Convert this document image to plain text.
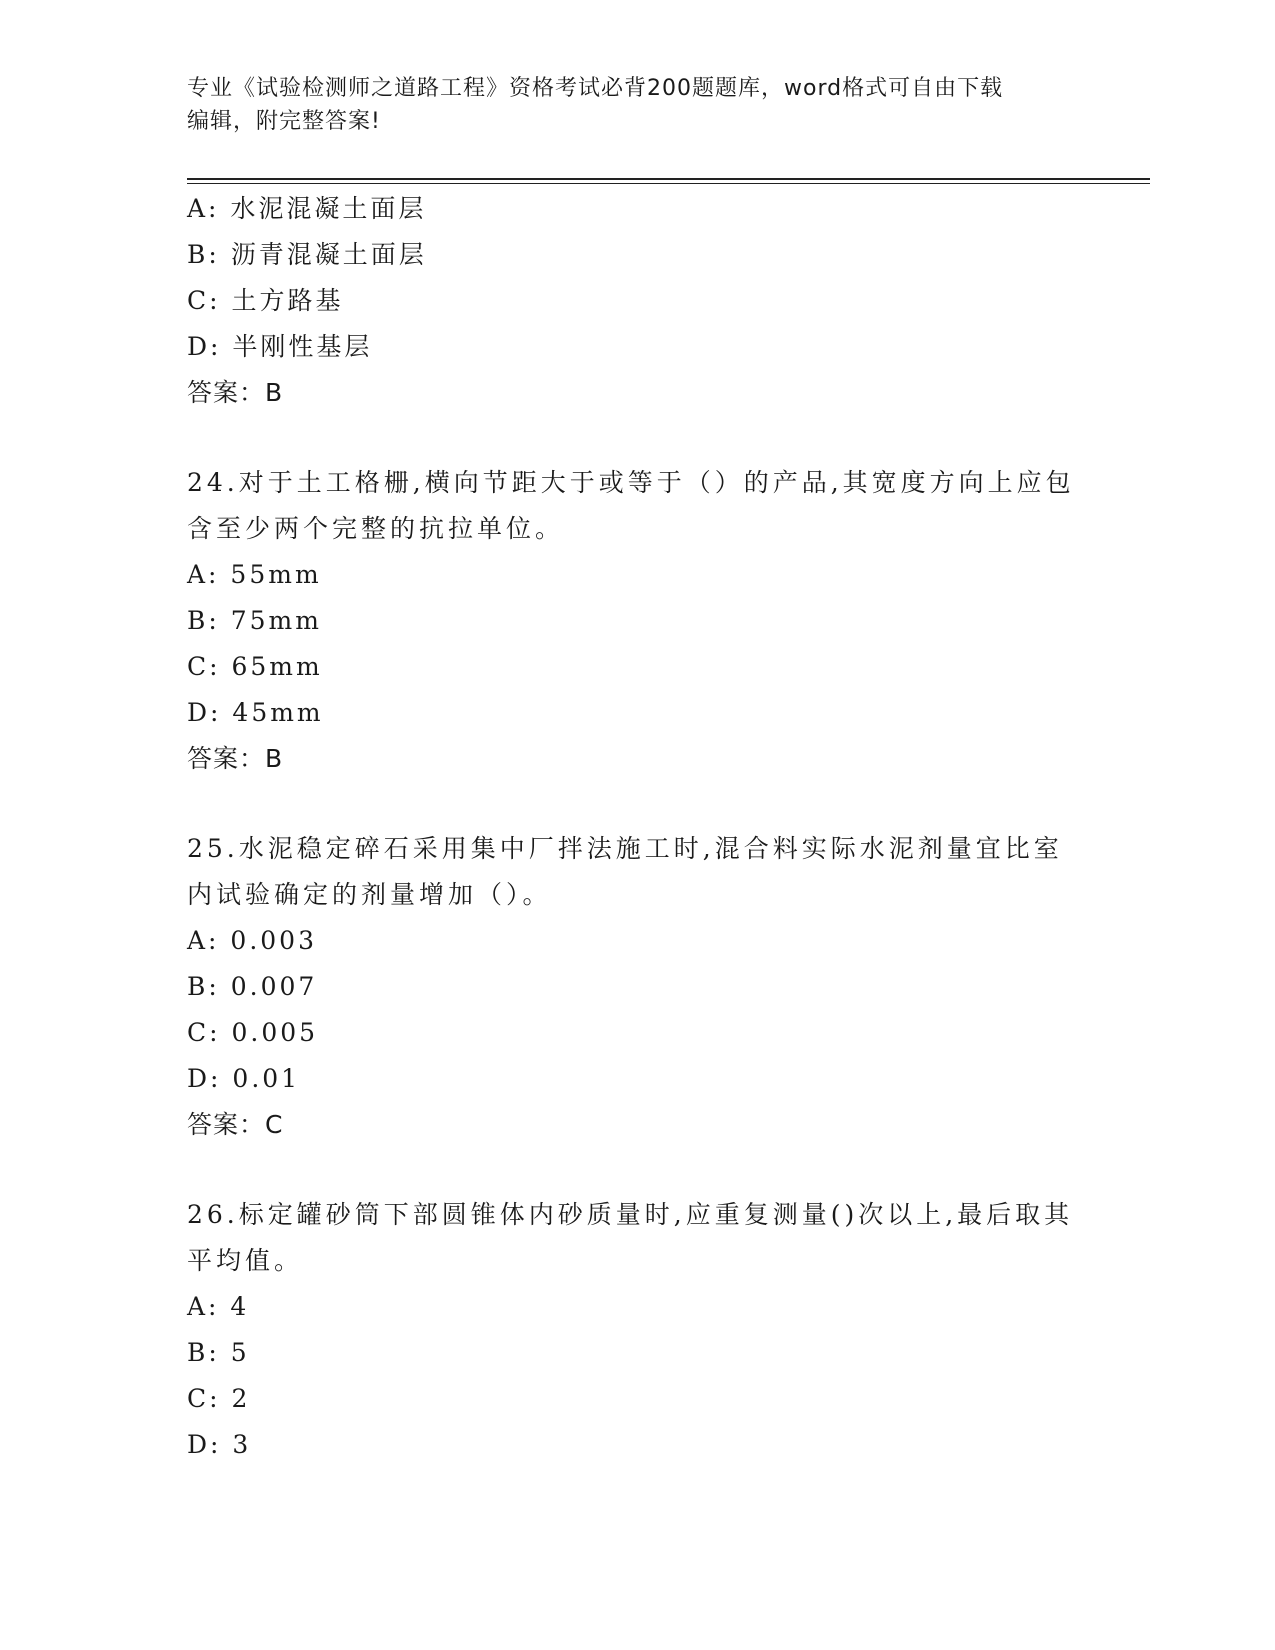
专业《试验检测师之道路工程》资格考试必背200题题库，word格式可自由下载
编辑，附完整答案!
A: 水泥混凝土面层
B: 沥青混凝土面层
C: 土方路基
D: 半刚性基层
答案：B
24.对于土工格栅,横向节距大于或等于（）的产品,其宽度方向上应包
含至少两个完整的抗拉单位。
A: 55mm
B: 75mm
C: 65mm
D: 45mm
答案：B
25.水泥稳定碎石采用集中厂拌法施工时,混合料实际水泥剂量宜比室
内试验确定的剂量增加（）。
A: 0.003
B: 0.007
C: 0.005
D: 0.01
答案：C
26.标定罐砂筒下部圆锥体内砂质量时,应重复测量()次以上,最后取其
平均值。
A: 4
B: 5
C: 2
D: 3
